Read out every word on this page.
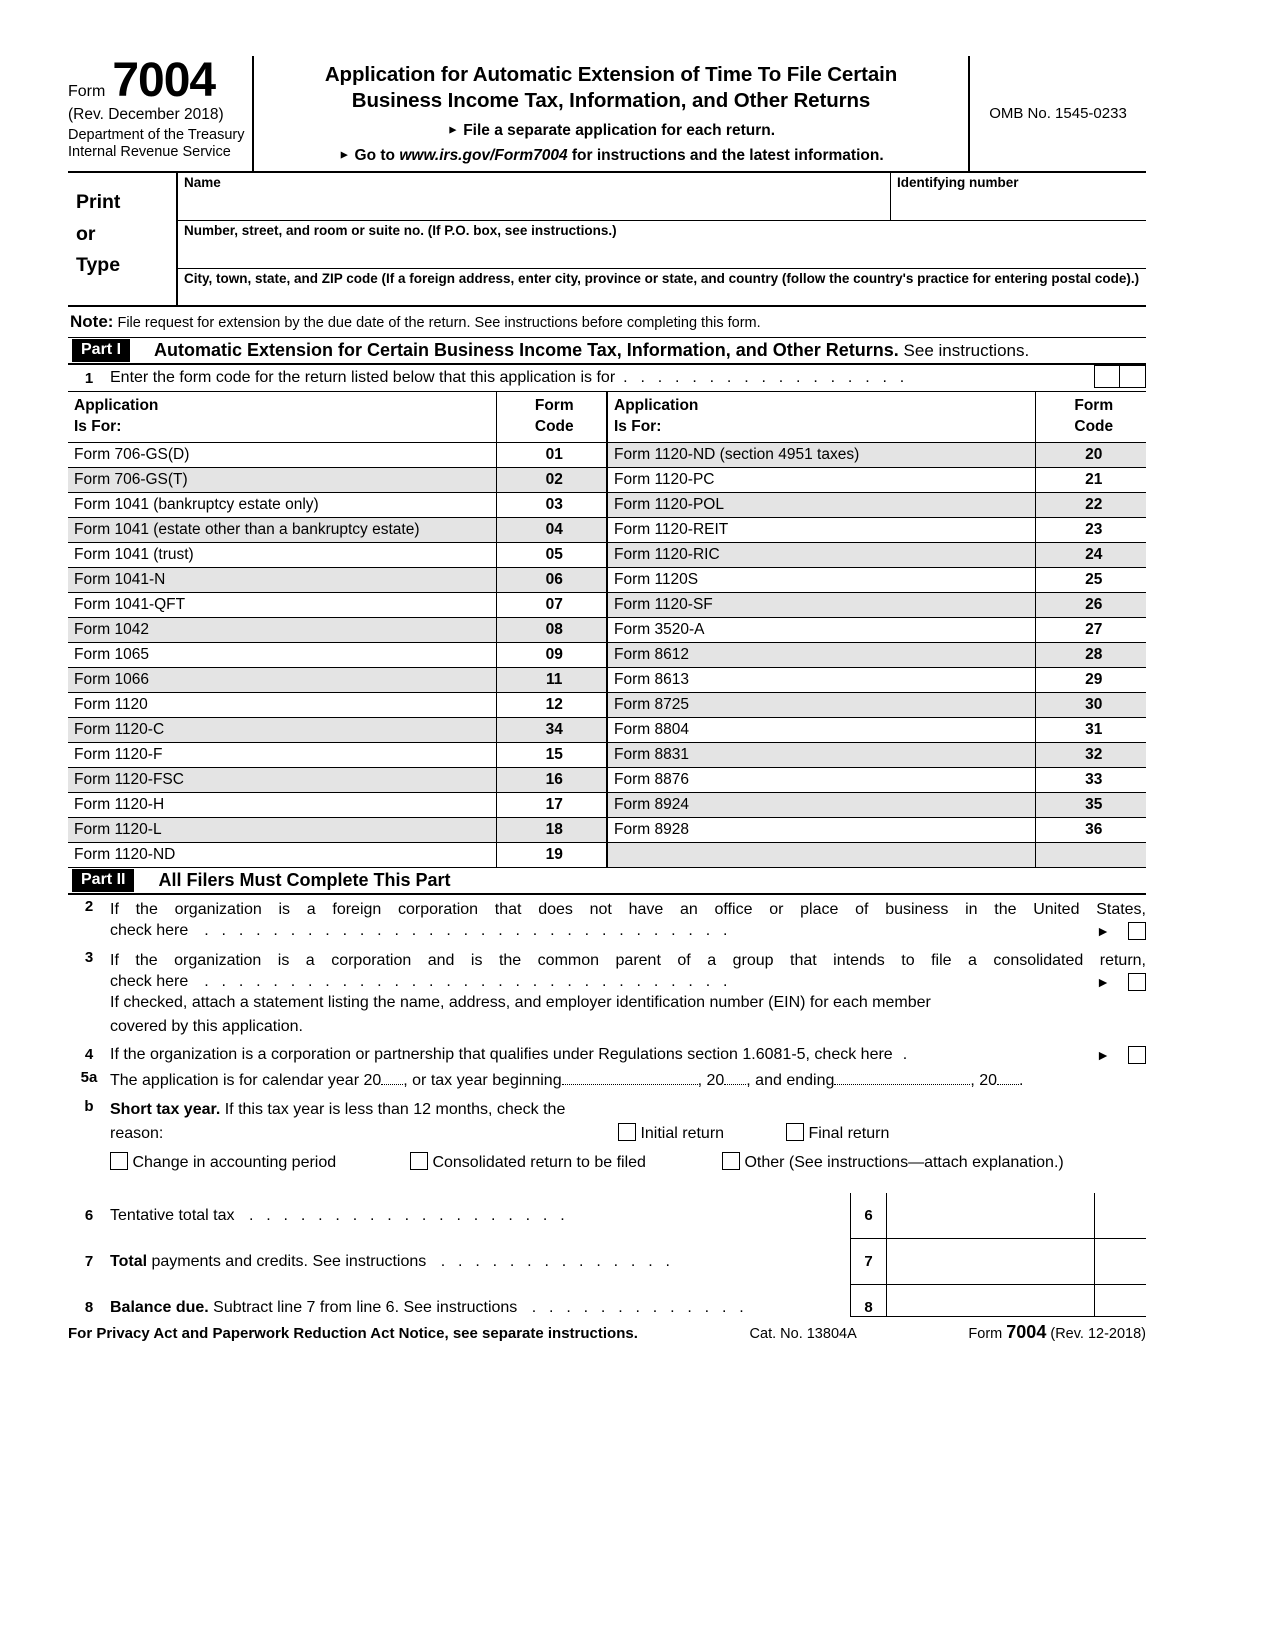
Form 7004
(Rev. December 2018)
Department of the Treasury
Internal Revenue Service
Application for Automatic Extension of Time To File Certain
Business Income Tax, Information, and Other Returns
► File a separate application for each return.
► Go to www.irs.gov/Form7004 for instructions and the latest information.
OMB No. 1545-0233
Print
or
Type
Name	Identifying number
Number, street, and room or suite no. (If P.O. box, see instructions.)
City, town, state, and ZIP code (If a foreign address, enter city, province or state, and country (follow the country's practice for entering postal code).)
Note: File request for extension by the due date of the return. See instructions before completing this form.
Part I	Automatic Extension for Certain Business Income Tax, Information, and Other Returns. See instructions.
1	Enter the form code for the return listed below that this application is for . . . . . . . . . . . . . . . . .
Application
Is For:

Form
Code

Application
Is For:

Form
Code

Form 706-GS(D)	01	Form 1120-ND (section 4951 taxes)	20
Form 706-GS(T)	02	Form 1120-PC	21
Form 1041 (bankruptcy estate only)	03	Form 1120-POL	22
Form 1041 (estate other than a bankruptcy estate)	04	Form 1120-REIT	23
Form 1041 (trust)	05	Form 1120-RIC	24
Form 1041-N	06	Form 1120S	25
Form 1041-QFT	07	Form 1120-SF	26
Form 1042	08	Form 3520-A	27
Form 1065	09	Form 8612	28
Form 1066	11	Form 8613	29
Form 1120	12	Form 8725	30
Form 1120-C	34	Form 8804	31
Form 1120-F	15	Form 8831	32
Form 1120-FSC	16	Form 8876	33
Form 1120-H	17	Form 8924	35
Form 1120-L	18	Form 8928	36
Form 1120-ND	19		
Part II	All Filers Must Complete This Part
2	If the organization is a foreign corporation that does not have an office or place of business in the United States,
check here . . . . . . . . . . . . . . . . . . . . . . . . . . . . . . .	►
3	If the organization is a corporation and is the common parent of a group that intends to file a consolidated return,
check here . . . . . . . . . . . . . . . . . . . . . . . . . . . . . . .	►
If checked, attach a statement listing the name, address, and employer identification number (EIN) for each member
covered by this application.
4	If the organization is a corporation or partnership that qualifies under Regulations section 1.6081-5, check here .	►
5a The application is for calendar year 20 , or tax year beginning	, 20 , and ending	, 20 .
b	Short tax year. If this tax year is less than 12 months, check the reason:	Initial return	Final return
Change in accounting period	Consolidated return to be filed	Other (See instructions—attach explanation.)
6	Tentative total tax . . . . . . . . . . . . . . . . . . .	6
7	Total payments and credits. See instructions . . . . . . . . . . . . . .	7
8	Balance due. Subtract line 7 from line 6. See instructions . . . . . . . . . . . . .	8
For Privacy Act and Paperwork Reduction Act Notice, see separate instructions.	Cat. No. 13804A	Form 7004 (Rev. 12-2018)
